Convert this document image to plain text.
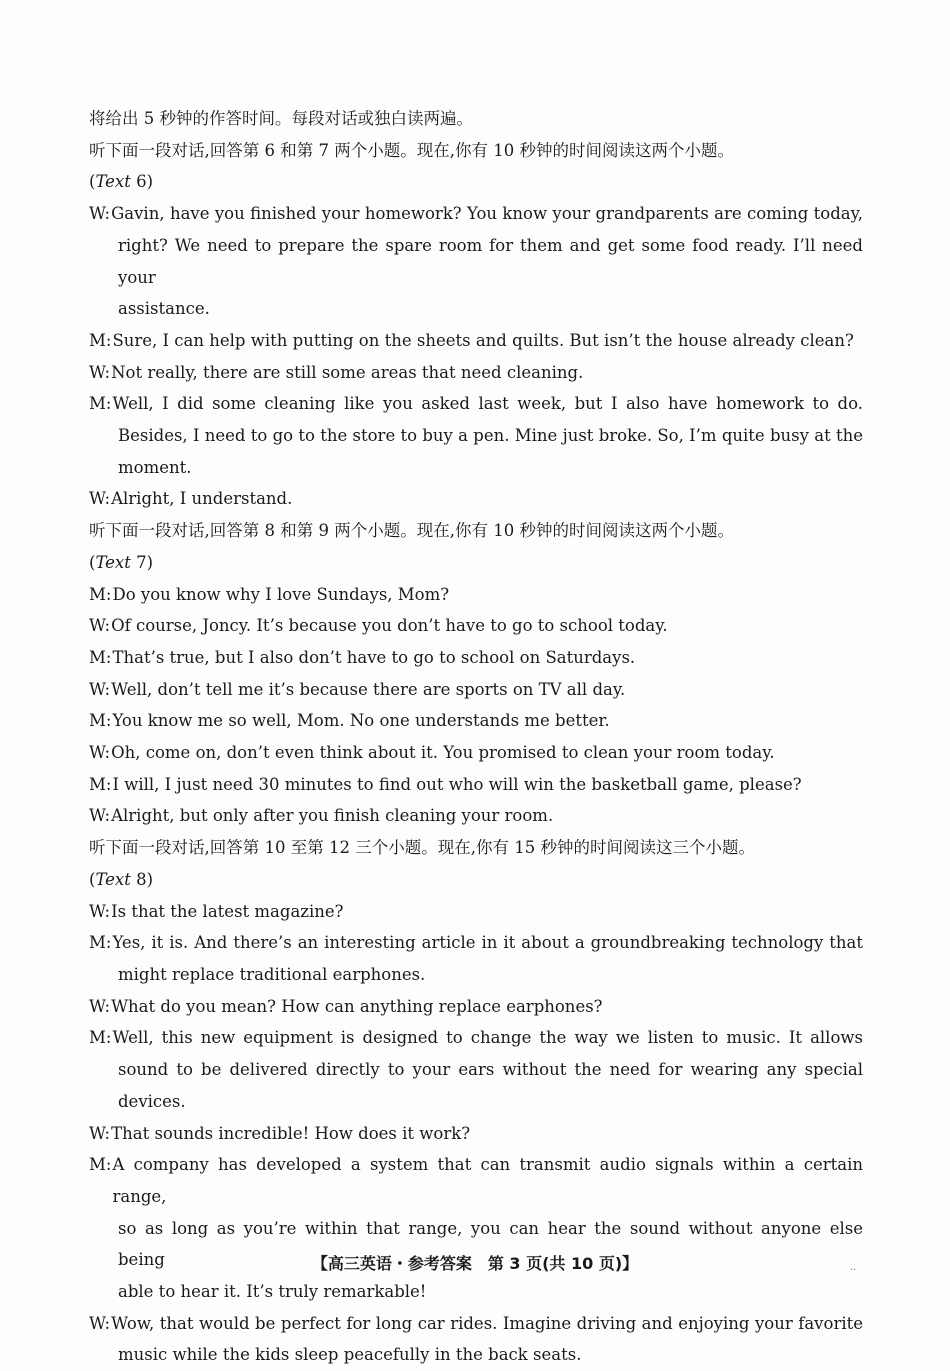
将给出 5 秒钟的作答时间。每段对话或独白读两遍。
听下面一段对话,回答第 6 和第 7 两个小题。现在,你有 10 秒钟的时间阅读这两个小题。
(Text 6)
W : Gavin, have you finished your homework? You know your grandparents are coming today,
right? We need to prepare the spare room for them and get some food ready. I’ll need your
assistance.
M : Sure, I can help with putting on the sheets and quilts. But isn’t the house already clean?
W : Not really, there are still some areas that need cleaning.
M : Well, I did some cleaning like you asked last week, but I also have homework to do.
Besides, I need to go to the store to buy a pen. Mine just broke. So, I’m quite busy at the
moment.
W : Alright, I understand.
听下面一段对话,回答第 8 和第 9 两个小题。现在,你有 10 秒钟的时间阅读这两个小题。
(Text 7)
M : Do you know why I love Sundays, Mom?
W : Of course, Joncy. It’s because you don’t have to go to school today.
M : That’s true, but I also don’t have to go to school on Saturdays.
W : Well, don’t tell me it’s because there are sports on TV all day.
M : You know me so well, Mom. No one understands me better.
W : Oh, come on, don’t even think about it. You promised to clean your room today.
M : I will, I just need 30 minutes to find out who will win the basketball game, please?
W : Alright, but only after you finish cleaning your room.
听下面一段对话,回答第 10 至第 12 三个小题。现在,你有 15 秒钟的时间阅读这三个小题。
(Text 8)
W : Is that the latest magazine?
M : Yes, it is. And there’s an interesting article in it about a groundbreaking technology that
might replace traditional earphones.
W : What do you mean? How can anything replace earphones?
M : Well, this new equipment is designed to change the way we listen to music. It allows
sound to be delivered directly to your ears without the need for wearing any special devices.
W : That sounds incredible! How does it work?
M : A company has developed a system that can transmit audio signals within a certain range,
so as long as you’re within that range, you can hear the sound without anyone else being
able to hear it. It’s truly remarkable!
W : Wow, that would be perfect for long car rides. Imagine driving and enjoying your favorite
music while the kids sleep peacefully in the back seats.
【高三英语・参考答案　第 3 页(共 10 页)】	..
